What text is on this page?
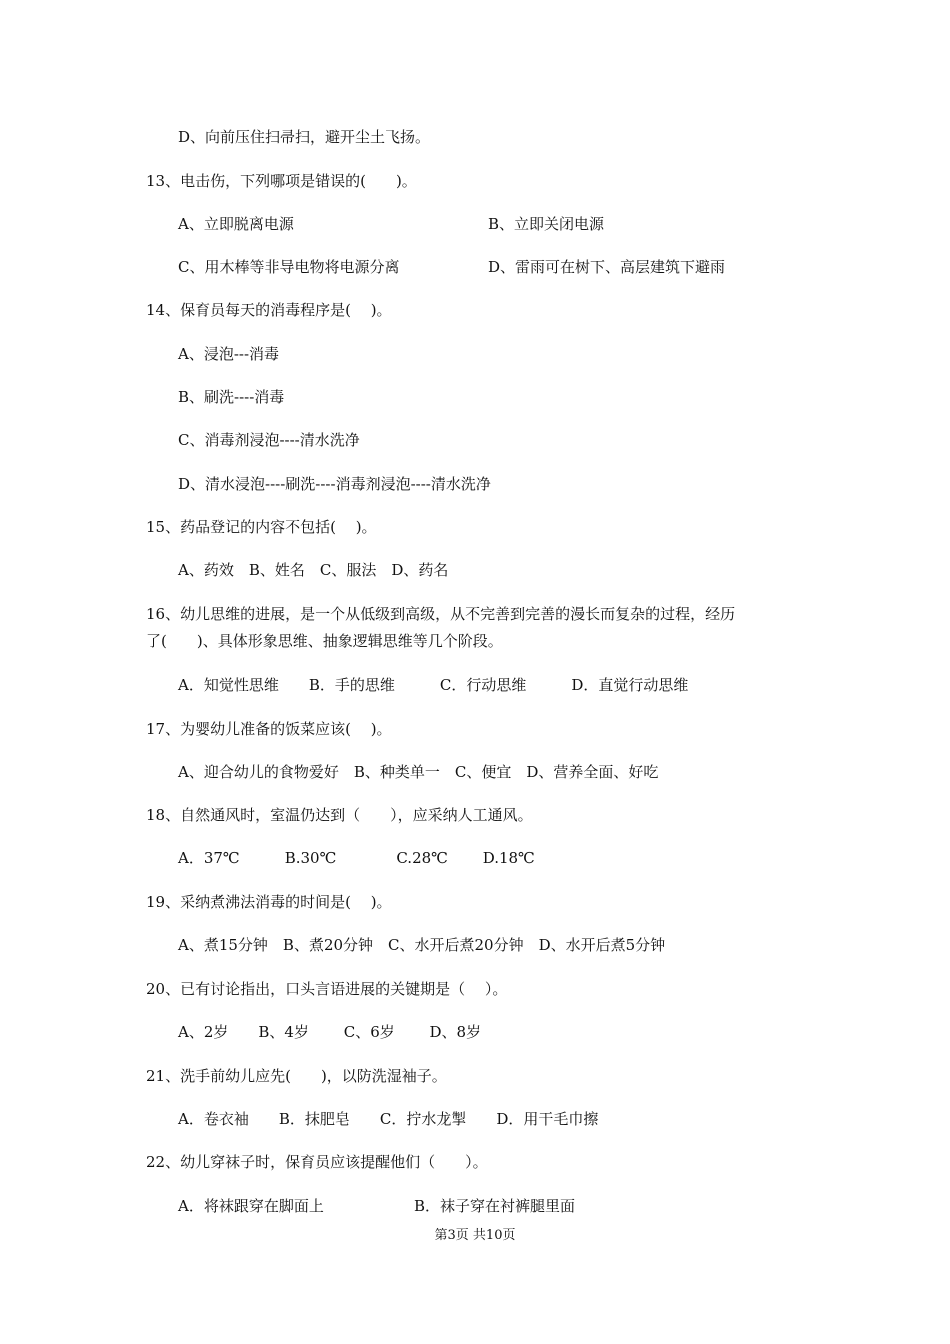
D、向前压住扫帚扫，避开尘土飞扬。
13、电击伤，下列哪项是错误的(　　)。
A、立即脱离电源	B、立即关闭电源
C、用木棒等非导电物将电源分离	D、雷雨可在树下、高层建筑下避雨
14、保育员每天的消毒程序是(　 )。
A、浸泡---消毒
B、刷洗----消毒
C、消毒剂浸泡----清水洗净
D、清水浸泡----刷洗----消毒剂浸泡----清水洗净
15、药品登记的内容不包括(　 )。
A、药效　B、姓名　C、服法　D、药名
16、幼儿思维的进展，是一个从低级到高级，从不完善到完善的漫长而复杂的过程，经历
了(　　)、具体形象思维、抽象逻辑思维等几个阶段。
A．知觉性思维　　B．手的思维　　　C．行动思维　　　D．直觉行动思维
17、为婴幼儿准备的饭菜应该(　 )。
A、迎合幼儿的食物爱好　B、种类单一　C、便宜　D、营养全面、好吃
18、自然通风时，室温仍达到（　　），应采纳人工通风。
A．37℃　　　B.30℃　　　　C.28℃　　 D.18℃
19、采纳煮沸法消毒的时间是(　 )。
A、煮15分钟　B、煮20分钟　C、水开后煮20分钟　D、水开后煮5分钟
20、已有讨论指出，口头言语进展的关键期是（　 ）。
A、2岁　　B、4岁　　 C、6岁　　 D、8岁
21、洗手前幼儿应先(　　)，以防洗湿袖子。
A．卷衣袖　　B．抹肥皂　　C．拧水龙掣　　D．用干毛巾擦
22、幼儿穿袜子时，保育员应该提醒他们（　　）。
A．将袜跟穿在脚面上	B．袜子穿在衬裤腿里面
第3页 共10页
